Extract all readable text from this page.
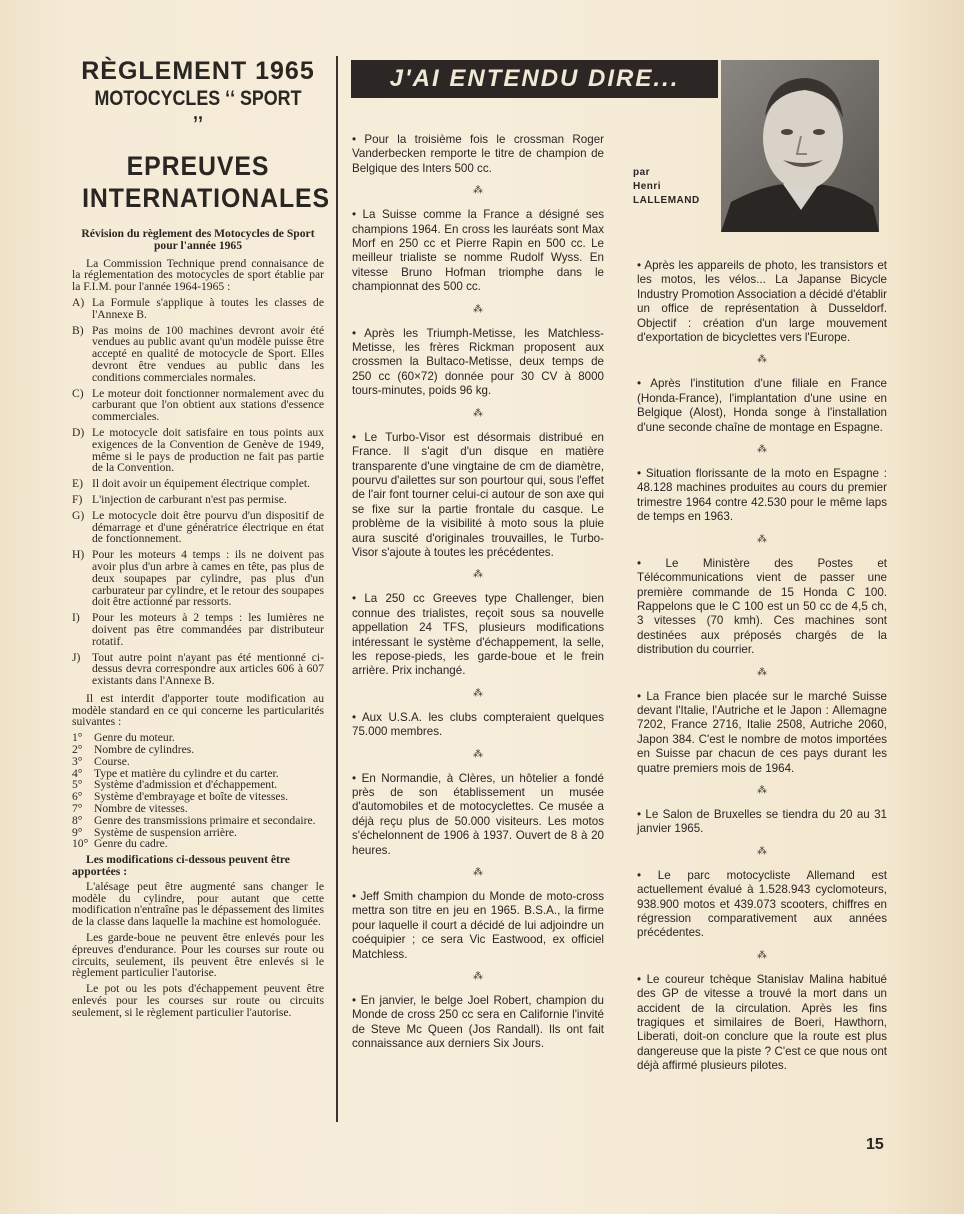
RÈGLEMENT 1965
MOTOCYCLES ʻʻ SPORT ʼʼ
EPREUVES
INTERNATIONALES
Révision du règlement des Motocycles de Sport pour l'année 1965

La Commission Technique prend connaisance de la réglementation des motocycles de sport établie par la F.I.M. pour l'année 1964-1965 :

A) La Formule s'applique à toutes les classes de l'Annexe B.
B) Pas moins de 100 machines devront avoir été vendues au public avant qu'un modèle puisse être accepté en qualité de motocycle de Sport. Elles devront être vendues au public dans les conditions commerciales normales.
C) Le moteur doit fonctionner normalement avec du carburant que l'on obtient aux stations d'essence commerciales.
D) Le motocycle doit satisfaire en tous points aux exigences de la Convention de Genève de 1949, même si le pays de production ne fait pas partie de la Convention.
E) Il doit avoir un équipement électrique complet.
F) L'injection de carburant n'est pas permise.
G) Le motocycle doit être pourvu d'un dispositif de démarrage et d'une génératrice électrique en état de fonctionnement.
H) Pour les moteurs 4 temps : ils ne doivent pas avoir plus d'un arbre à cames en tête, pas plus de deux soupapes par cylindre, pas plus d'un carburateur par cylindre, et le retour des soupapes doit être actionné par ressorts.
I)	Pour les moteurs à 2 temps : les lumières ne doivent pas être commandées par distributeur rotatif.
J)	Tout autre point n'ayant pas été mentionné ci-dessus devra correspondre aux articles 606 à 607 existants dans l'Annexe B.

Il est interdit d'apporter toute modification au modèle standard en ce qui concerne les particularités suivantes :

1° Genre du moteur.
2° Nombre de cylindres.
3° Course.
4° Type et matière du cylindre et du carter.
5° Système d'admission et d'échappement.
6° Système d'embrayage et boîte de vitesses.
7° Nombre de vitesses.
8° Genre des transmissions primaire et secondaire.
9° Système de suspension arrière.
10° Genre du cadre.
Les modifications ci-dessous peuvent être apportées :

L'alésage peut être augmenté sans changer le modèle du cylindre, pour autant que cette modification n'entraîne pas le dépassement des limites de la classe dans laquelle la machine est homologuée.

Les garde-boue ne peuvent être enlevés pour les épreuves d'endurance. Pour les courses sur route ou circuits, seulement, ils peuvent être enlevés si le règlement particulier l'autorise.

Le pot ou les pots d'échappement peuvent être enlevés pour les courses sur route ou circuits seulement, si le règlement particulier l'autorise.

J'AI ENTENDU DIRE...
par
Henri
LALLEMAND

• Pour la troisième fois le crossman Roger Vanderbecken remporte le titre de champion de Belgique des Inters 500 cc.

⁂

• La Suisse comme la France a désigné ses champions 1964. En cross les lauréats sont Max Morf en 250 cc et Pierre Rapin en 500 cc. Le meilleur trialiste se nomme Rudolf Wyss. En vitesse Bruno Hofman triomphe dans le championnat des 500 cc.

⁂

• Après les Triumph-Metisse, les Matchless-Metisse, les frères Rickman proposent aux crossmen la Bultaco-Metisse, deux temps de 250 cc (60×72) donnée pour 30 CV à 8000 tours-minutes, poids 96 kg.

⁂

• Le Turbo-Visor est désormais distribué en France. Il s'agit d'un disque en matière transparente d'une vingtaine de cm de diamètre, pourvu d'ailettes sur son pourtour qui, sous l'effet de l'air font tourner celui-ci autour de son axe qui se fixe sur la partie frontale du casque. Le problème de la visibilité à moto sous la pluie aura suscité d'originales trouvailles, le Turbo-Visor s'ajoute à toutes les précédentes.

⁂

• La 250 cc Greeves type Challenger, bien connue des trialistes, reçoit sous sa nouvelle appellation 24 TFS, plusieurs modifications intéressant le système d'échappement, la selle, les repose-pieds, les garde-boue et le frein arrière. Prix inchangé.

⁂

• Aux U.S.A. les clubs compteraient quelques 75.000 membres.

⁂

• En Normandie, à Clères, un hôtelier a fondé près de son établissement un musée d'automobiles et de motocyclettes. Ce musée a déjà reçu plus de 50.000 visiteurs. Les motos s'échelonnent de 1906 à 1937. Ouvert de 8 à 20 heures.

⁂

• Jeff Smith champion du Monde de moto-cross mettra son titre en jeu en 1965. B.S.A., la firme pour laquelle il court a décidé de lui adjoindre un coéquipier ; ce sera Vic Eastwood, ex officiel Matchless.

⁂

• En janvier, le belge Joel Robert, champion du Monde de cross 250 cc sera en Californie l'invité de Steve Mc Queen (Jos Randall). Ils ont fait connaissance aux derniers Six Jours.

• Après les appareils de photo, les transistors et les motos, les vélos... La Japanse Bicycle Industry Promotion Association a décidé d'établir un office de représentation à Dusseldorf. Objectif : création d'un large mouvement d'exportation de bicyclettes vers l'Europe.

⁂

• Après l'institution d'une filiale en France (Honda-France), l'implantation d'une usine en Belgique (Alost), Honda songe à l'installation d'une seconde chaîne de montage en Espagne.

⁂

• Situation florissante de la moto en Espagne : 48.128 machines produites au cours du premier trimestre 1964 contre 42.530 pour le même laps de temps en 1963.

⁂

• Le Ministère des Postes et Télécommunications vient de passer une première commande de 15 Honda C 100. Rappelons que le C 100 est un 50 cc de 4,5 ch, 3 vitesses (70 kmh). Ces machines sont destinées aux préposés chargés de la distribution du courrier.

⁂

• La France bien placée sur le marché Suisse devant l'Italie, l'Autriche et le Japon : Allemagne 7202, France 2716, Italie 2508, Autriche 2060, Japon 384. C'est le nombre de motos importées en Suisse par chacun de ces pays durant les quatre premiers mois de 1964.

⁂

• Le Salon de Bruxelles se tiendra du 20 au 31 janvier 1965.

⁂

• Le parc motocycliste Allemand est actuellement évalué à 1.528.943 cyclomoteurs, 938.900 motos et 439.073 scooters, chiffres en régression comparativement aux années précédentes.

⁂

• Le coureur tchèque Stanislav Malina habitué des GP de vitesse a trouvé la mort dans un accident de la circulation. Après les fins tragiques et similaires de Boeri, Hawthorn, Liberati, doit-on conclure que la route est plus dangereuse que la piste ? C'est ce que nous ont déjà affirmé plusieurs pilotes.

15
